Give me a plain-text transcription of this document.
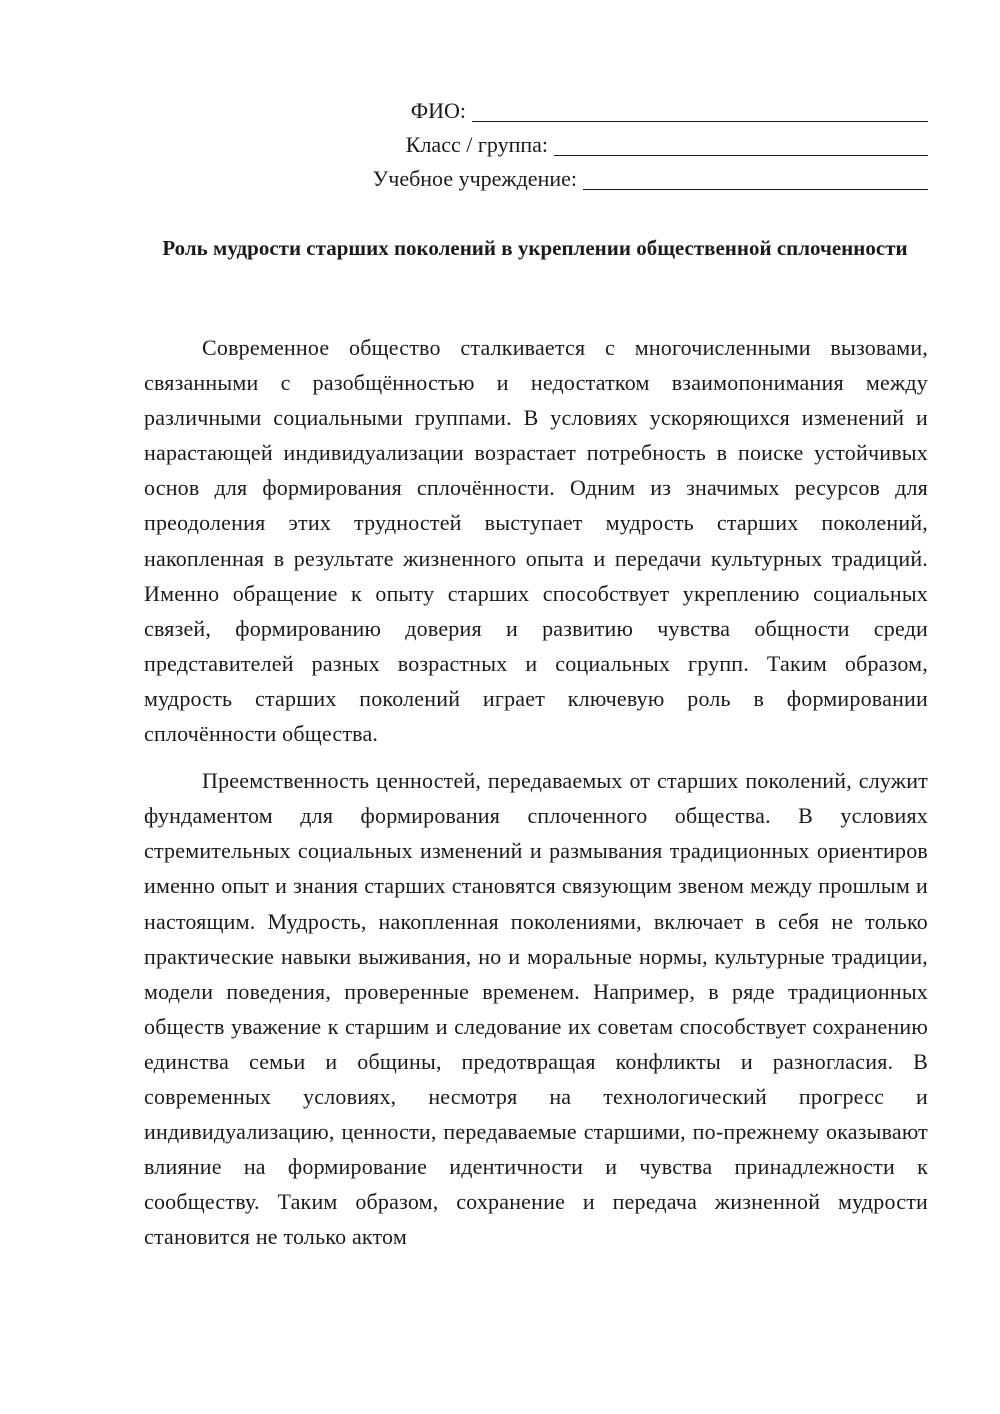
ФИО:
Класс / группа:
Учебное учреждение:
Роль мудрости старших поколений в укреплении общественной сплоченности

Современное общество сталкивается с многочисленными вызовами, связанными с разобщённостью и недостатком взаимопонимания между различными социальными группами. В условиях ускоряющихся изменений и нарастающей индивидуализации возрастает потребность в поиске устойчивых основ для формирования сплочённости. Одним из значимых ресурсов для преодоления этих трудностей выступает мудрость старших поколений, накопленная в результате жизненного опыта и передачи культурных традиций. Именно обращение к опыту старших способствует укреплению социальных связей, формированию доверия и развитию чувства общности среди представителей разных возрастных и социальных групп. Таким образом, мудрость старших поколений играет ключевую роль в формировании сплочённости общества.

Преемственность ценностей, передаваемых от старших поколений, служит фундаментом для формирования сплоченного общества. В условиях стремительных социальных изменений и размывания традиционных ориентиров именно опыт и знания старших становятся связующим звеном между прошлым и настоящим. Мудрость, накопленная поколениями, включает в себя не только практические навыки выживания, но и моральные нормы, культурные традиции, модели поведения, проверенные временем. Например, в ряде традиционных обществ уважение к старшим и следование их советам способствует сохранению единства семьи и общины, предотвращая конфликты и разногласия. В современных условиях, несмотря на технологический прогресс и индивидуализацию, ценности, передаваемые старшими, по-прежнему оказывают влияние на формирование идентичности и чувства принадлежности к сообществу. Таким образом, сохранение и передача жизненной мудрости становится не только актом
